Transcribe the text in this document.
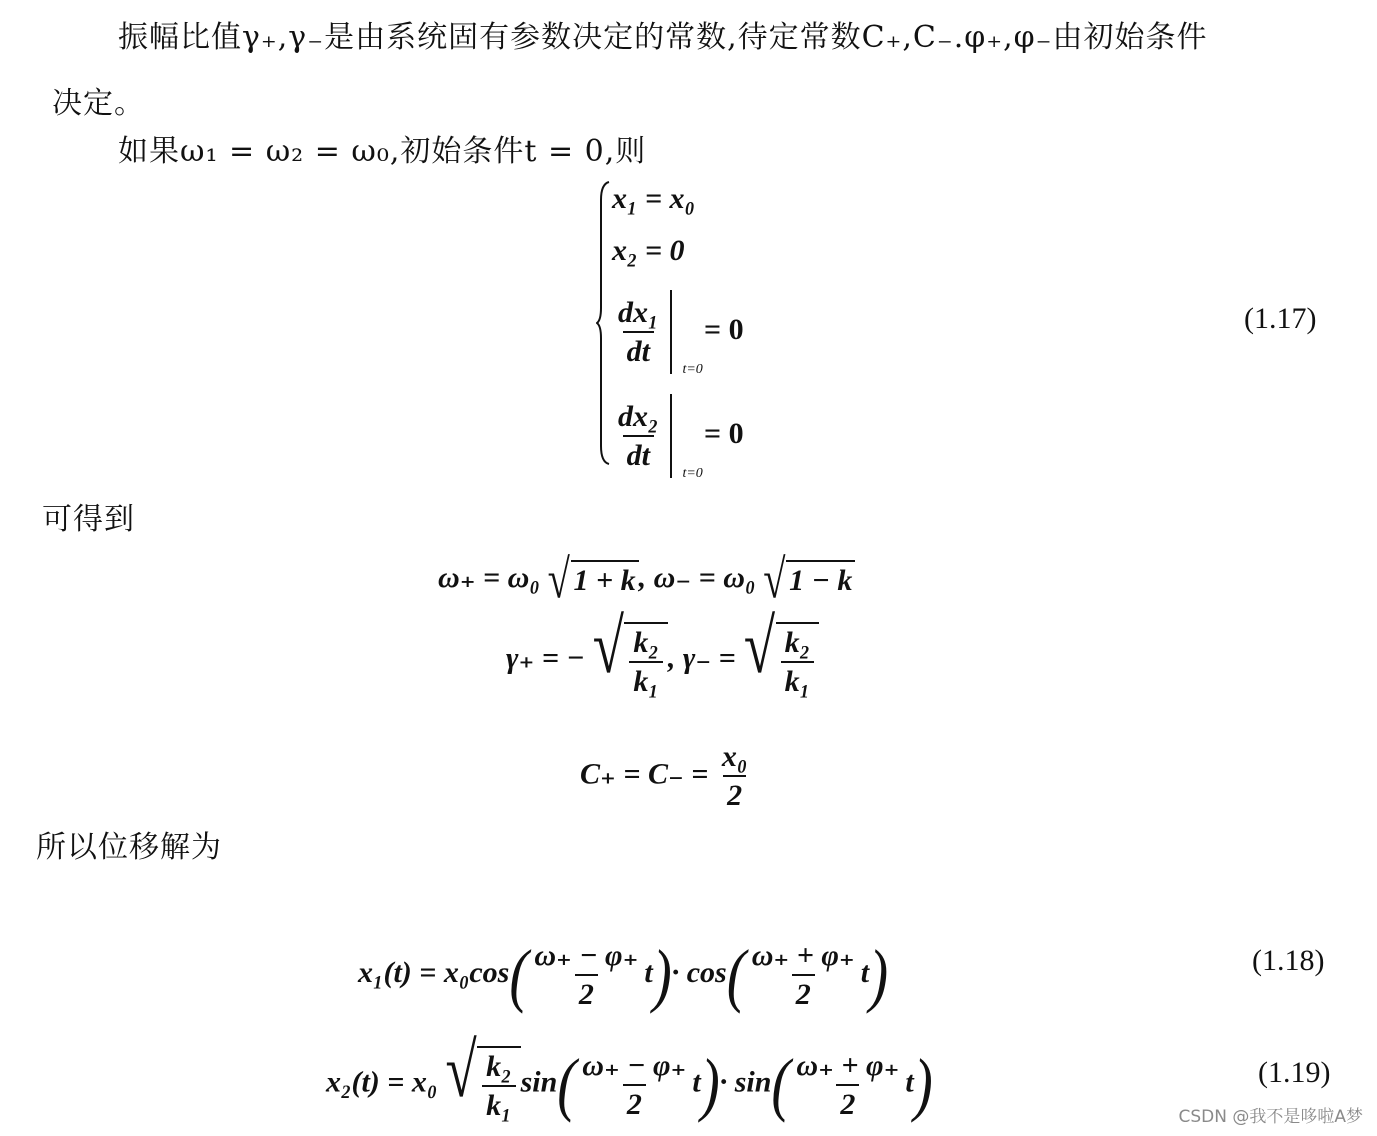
振幅比值γ₊,γ₋是由系统固有参数决定的常数,待定常数C₊,C₋.φ₊,φ₋由初始条件
决定。
如果ω₁ = ω₂ = ω₀,初始条件t = 0,则
x₁ = x₀
x₂ = 0
$\frac{\text{dx₁}}{dt}$
t=0
= 0
$\frac{\text{dx₂}}{dt}$
t=0
= 0
(1.17)
可得到
ω₊ = ω₀ √ 1 + k , ω₋ = ω₀ √ 1 − k
γ₊ = − √ $\frac{\text{k₂}}{\text{k₁}}$ , γ₋ = √ $\frac{\text{k₂}}{\text{k₁}}$
$C_+ = C_- = \frac{\text{x₀}}{2}$
所以位移解为
$x_1(t) = x_0\cos( \frac{\omega_+ - \varphi_+}{2} t)\cdot \cos( \frac{\omega_+ + \varphi_+}{2} t)$	(1.18)
x₂(t) = x₀ √ $\frac{\text{k₂}}{\text{k₁}} \sin( \frac{\omega_+ - \varphi_+}{2} t)\cdot \sin( \frac{\omega_+ + \varphi_+}{2} t)$	(1.19)
CSDN @我不是哆啦A梦
